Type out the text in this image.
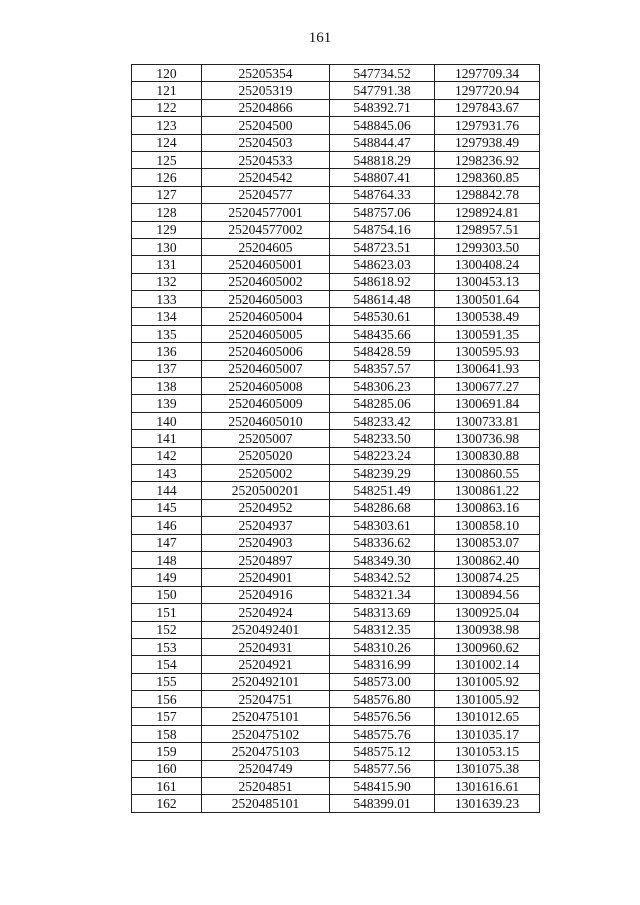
161
120	25205354	547734.52	1297709.34
121	25205319	547791.38	1297720.94
122	25204866	548392.71	1297843.67
123	25204500	548845.06	1297931.76
124	25204503	548844.47	1297938.49
125	25204533	548818.29	1298236.92
126	25204542	548807.41	1298360.85
127	25204577	548764.33	1298842.78
128	25204577001	548757.06	1298924.81
129	25204577002	548754.16	1298957.51
130	25204605	548723.51	1299303.50
131	25204605001	548623.03	1300408.24
132	25204605002	548618.92	1300453.13
133	25204605003	548614.48	1300501.64
134	25204605004	548530.61	1300538.49
135	25204605005	548435.66	1300591.35
136	25204605006	548428.59	1300595.93
137	25204605007	548357.57	1300641.93
138	25204605008	548306.23	1300677.27
139	25204605009	548285.06	1300691.84
140	25204605010	548233.42	1300733.81
141	25205007	548233.50	1300736.98
142	25205020	548223.24	1300830.88
143	25205002	548239.29	1300860.55
144	2520500201	548251.49	1300861.22
145	25204952	548286.68	1300863.16
146	25204937	548303.61	1300858.10
147	25204903	548336.62	1300853.07
148	25204897	548349.30	1300862.40
149	25204901	548342.52	1300874.25
150	25204916	548321.34	1300894.56
151	25204924	548313.69	1300925.04
152	2520492401	548312.35	1300938.98
153	25204931	548310.26	1300960.62
154	25204921	548316.99	1301002.14
155	2520492101	548573.00	1301005.92
156	25204751	548576.80	1301005.92
157	2520475101	548576.56	1301012.65
158	2520475102	548575.76	1301035.17
159	2520475103	548575.12	1301053.15
160	25204749	548577.56	1301075.38
161	25204851	548415.90	1301616.61
162	2520485101	548399.01	1301639.23
